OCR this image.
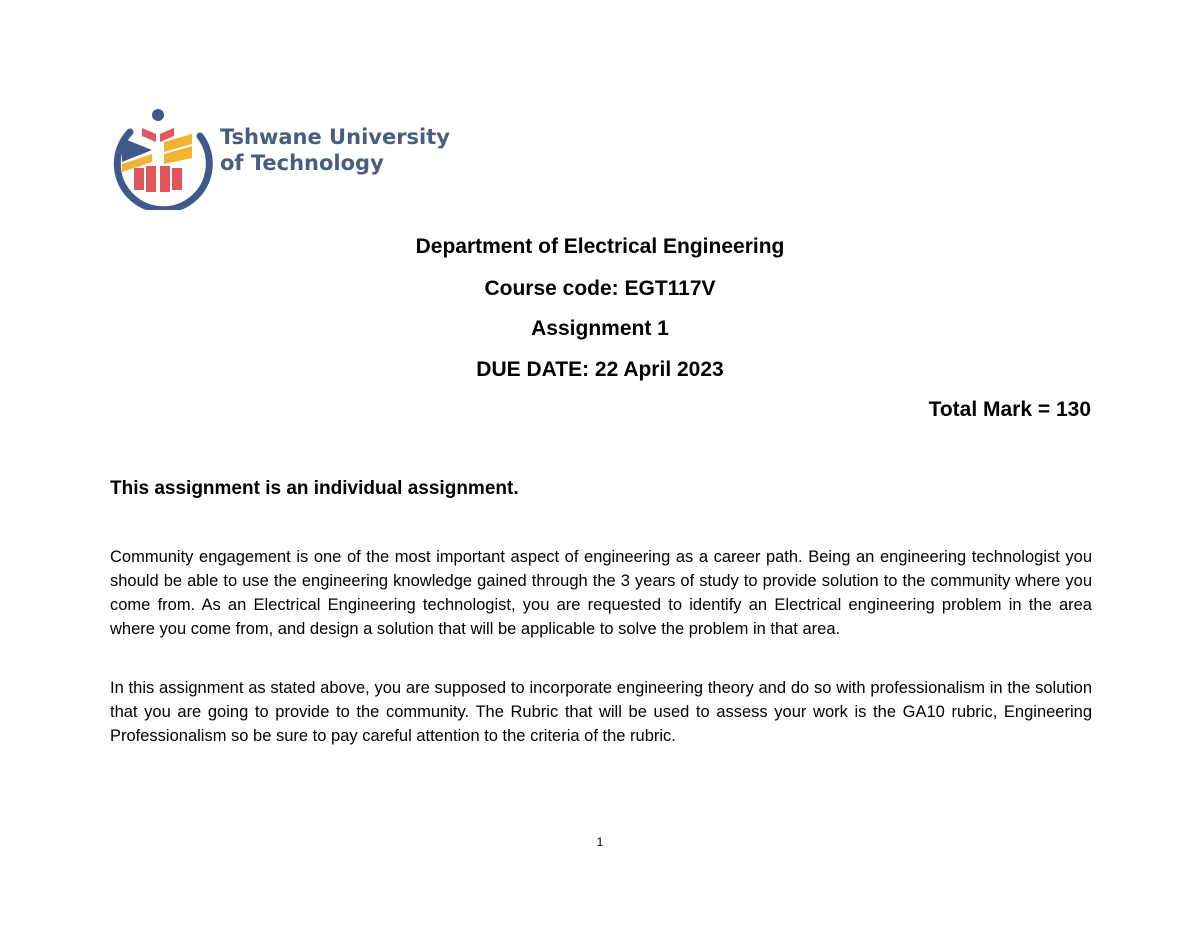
Tshwane University
of Technology
Department of Electrical Engineering
Course code: EGT117V
Assignment 1
DUE DATE: 22 April 2023
Total Mark = 130
This assignment is an individual assignment.

Community engagement is one of the most important aspect of engineering as a career path. Being an engineering technologist you should be able to use the engineering knowledge gained through the 3 years of study to provide solution to the community where you come from. As an Electrical Engineering technologist, you are requested to identify an Electrical engineering problem in the area where you come from, and design a solution that will be applicable to solve the problem in that area.

In this assignment as stated above, you are supposed to incorporate engineering theory and do so with professionalism in the solution that you are going to provide to the community. The Rubric that will be used to assess your work is the GA10 rubric, Engineering Professionalism so be sure to pay careful attention to the criteria of the rubric.

1
